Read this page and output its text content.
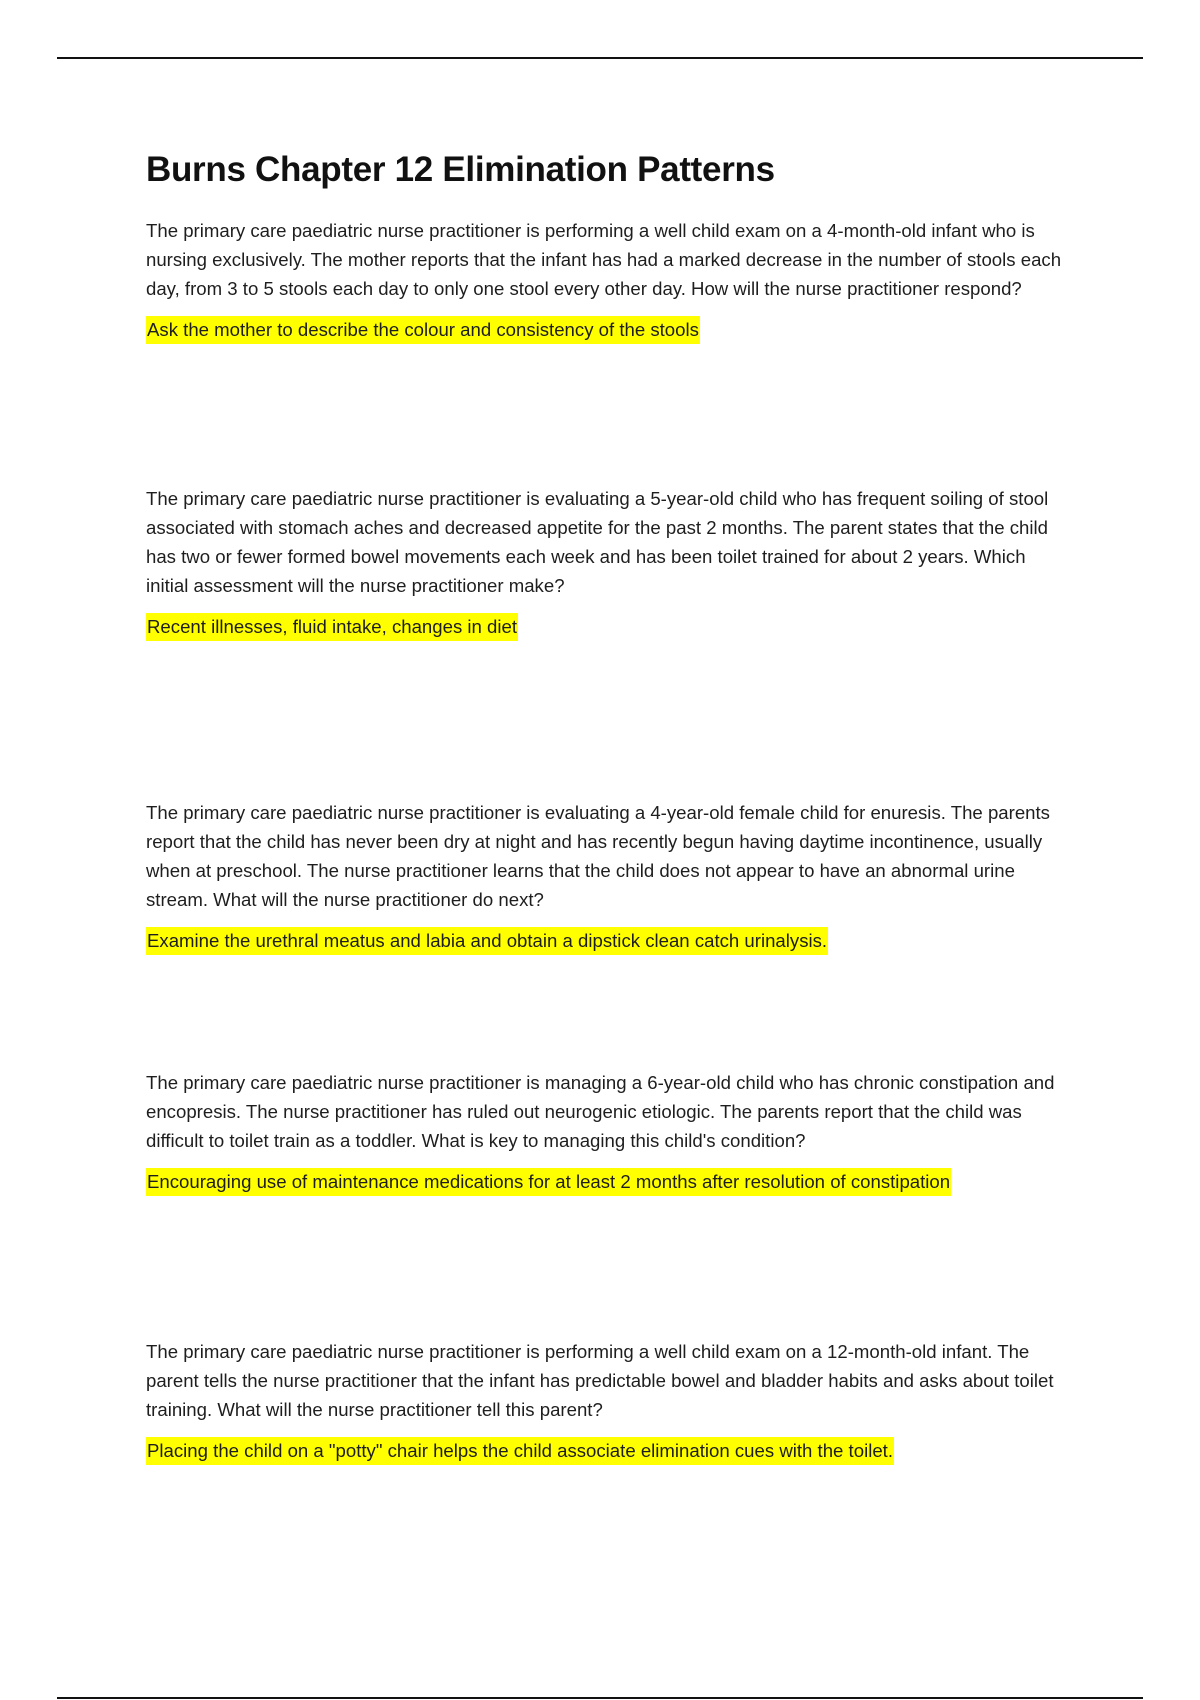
Burns Chapter 12 Elimination Patterns

The primary care paediatric nurse practitioner is performing a well child exam on a 4-month-old infant who is nursing exclusively. The mother reports that the infant has had a marked decrease in the number of stools each day, from 3 to 5 stools each day to only one stool every other day. How will the nurse practitioner respond?

Ask the mother to describe the colour and consistency of the stools

The primary care paediatric nurse practitioner is evaluating a 5-year-old child who has frequent soiling of stool associated with stomach aches and decreased appetite for the past 2 months. The parent states that the child has two or fewer formed bowel movements each week and has been toilet trained for about 2 years. Which initial assessment will the nurse practitioner make?

Recent illnesses, fluid intake, changes in diet

The primary care paediatric nurse practitioner is evaluating a 4-year-old female child for enuresis. The parents report that the child has never been dry at night and has recently begun having daytime incontinence, usually when at preschool. The nurse practitioner learns that the child does not appear to have an abnormal urine stream. What will the nurse practitioner do next?

Examine the urethral meatus and labia and obtain a dipstick clean catch urinalysis.

The primary care paediatric nurse practitioner is managing a 6-year-old child who has chronic constipation and encopresis. The nurse practitioner has ruled out neurogenic etiologic. The parents report that the child was difficult to toilet train as a toddler. What is key to managing this child's condition?

Encouraging use of maintenance medications for at least 2 months after resolution of constipation

The primary care paediatric nurse practitioner is performing a well child exam on a 12-month-old infant. The parent tells the nurse practitioner that the infant has predictable bowel and bladder habits and asks about toilet training. What will the nurse practitioner tell this parent?

Placing the child on a "potty" chair helps the child associate elimination cues with the toilet.
